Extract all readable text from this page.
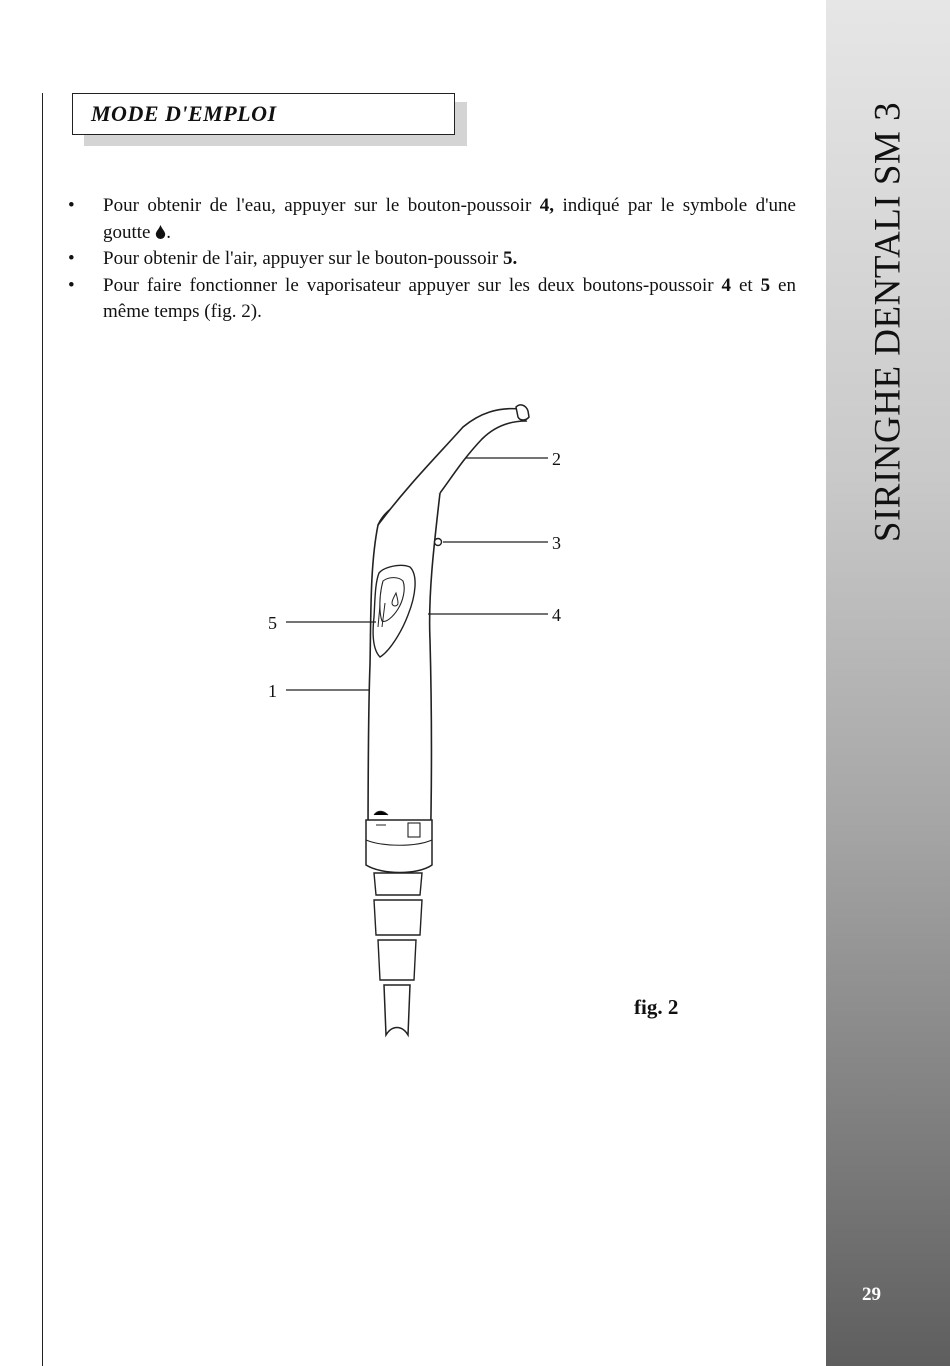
MODE D'EMPLOI
• Pour obtenir de l'eau, appuyer sur le bouton-poussoir 4, indiqué par le symbole d'une goutte .
• Pour obtenir de l'air, appuyer sur le bouton-poussoir 5.
• Pour faire fonctionner le vaporisateur appuyer sur les deux boutons-poussoir 4 et 5 en même temps (fig. 2).
2
3
4
5
1
fig. 2
SIRINGHE DENTALI SM 3
29
